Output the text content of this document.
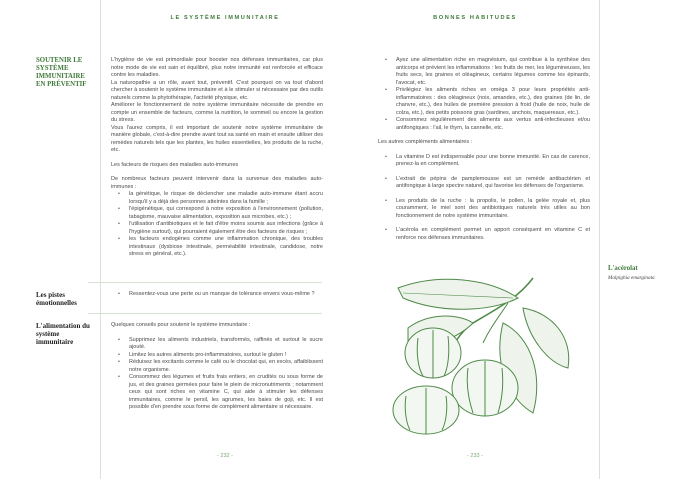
LE SYSTÈME IMMUNITAIRE
SOUTENIR LE SYSTÈME IMMUNITAIRE EN PRÉVENTIF

L'hygiène de vie est primordiale pour booster nos défenses immunitaires, car plus notre mode de vie est sain et équilibré, plus notre immunité est renforcée et efficace contre les maladies.

La naturopathie a un rôle, avant tout, préventif. C'est pourquoi on va tout d'abord chercher à soutenir le système immunitaire et à le stimuler si nécessaire par des outils naturels comme la phytothérapie, l'activité physique, etc.

Améliorer le fonctionnement de notre système immunitaire nécessite de prendre en compte un ensemble de facteurs, comme la nutrition, le sommeil ou encore la gestion du stress.

Vous l'aurez compris, il est important de soutenir notre système immunitaire de manière globale, c'est-à-dire prendre avant tout sa santé en main et ensuite utiliser des remèdes naturels tels que les plantes, les huiles essentielles, les produits de la ruche, etc.

Les facteurs de risques des maladies auto-immunes

De nombreux facteurs peuvent intervenir dans la survenue des maladies auto-immunes :

• la génétique, le risque de déclencher une maladie auto-immune étant accru lorsqu'il y a déjà des personnes atteintes dans la famille ;
• l'épigénétique, qui correspond à notre exposition à l'environnement (pollution, tabagisme, mauvaise alimentation, exposition aux microbes, etc.) ;
• l'utilisation d'antibiotiques et le fait d'être moins soumis aux infections (grâce à l'hygiène surtout), qui pourraient également être des facteurs de risques ;
• les facteurs endogènes comme une inflammation chronique, des troubles intestinaux (dysbiose intestinale, perméabilité intestinale, candidose, notre stress en général, etc.).
Les pistes émotionnelles
• Ressentez-vous une perte ou un manque de tolérance envers vous-même ?
L'alimentation du système immunitaire

Quelques conseils pour soutenir le système immunitaire :

• Supprimez les aliments industriels, transformés, raffinés et surtout le sucre ajouté.
• Limitez les autres aliments pro-inflammatoires, surtout le gluten !
• Réduisez les excitants comme le café ou le chocolat qui, en excès, affaiblissent notre organisme.
• Consommez des légumes et fruits frais entiers, en crudités ou sous forme de jus, et des graines germées pour faire le plein de micronutriments ; notamment ceux qui sont riches en vitamine C, qui aide à stimuler les défenses immunitaires, comme le persil, les agrumes, les baies de goji, etc. Il est possible d'en prendre sous forme de complément alimentaire si nécessaire.
- 232 -
BONNES HABITUDES
• Ayez une alimentation riche en magnésium, qui contribue à la synthèse des anticorps et prévient les inflammations : les fruits de mer, les légumineuses, les fruits secs, les graines et oléagineux, certains légumes comme les épinards, l'avocat, etc.
• Privilégiez les aliments riches en oméga 3 pour leurs propriétés anti-inflammatoires : des oléagineux (noix, amandes, etc.), des graines (de lin, de chanvre, etc.), des huiles de première pression à froid (huile de noix, huile de colza, etc.), des petits poissons gras (sardines, anchois, maquereaux, etc.).
• Consommez régulièrement des aliments aux vertus anti-infectieuses et/ou antifongiques : l'ail, le thym, la cannelle, etc.

Les autres compléments alimentaires :

• La vitamine D est indispensable pour une bonne immunité. En cas de carence, prenez-la en complément.
• L'extrait de pépins de pamplemousse est un remède antibactérien et antifongique à large spectre naturel, qui favorise les défenses de l'organisme.
• Les produits de la ruche : la propolis, le pollen, la gelée royale et, plus couramment, le miel sont des antibiotiques naturels très utiles au bon fonctionnement de notre système immunitaire.
• L'acérola en complément permet un apport conséquent en vitamine C et renforce nos défenses immunitaires.
L'acérolat
Malpighia emarginata
- 233 -
